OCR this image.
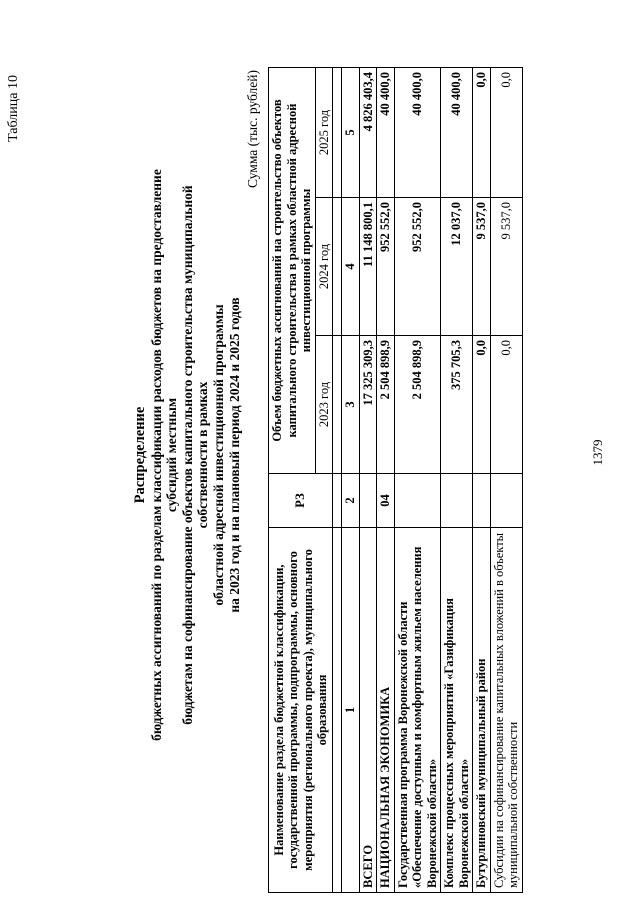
Таблица 10
Распределение бюджетных ассигнований по разделам классификации расходов бюджетов на предоставление субсидий местным бюджетам на софинансирование объектов капитального строительства муниципальной собственности в рамках областной адресной инвестиционной программы на 2023 год и на плановый период 2024 и 2025 годов
Сумма (тыс. рублей)
Наименование раздела бюджетной классификации, государственной программы, подпрограммы, основного мероприятия (регионального проекта), муниципального образования	РЗ	Объем бюджетных ассигнований на строительство объектов капитального строительства в рамках областной адресной инвестиционной программы		
		2023 год	2024 год	2025 год

1	2	3	4	5
ВСЕГО		17 325 309,3	11 148 800,1	4 826 403,4
НАЦИОНАЛЬНАЯ ЭКОНОМИКА	04	2 504 898,9	952 552,0	40 400,0
Государственная программа Воронежской области «Обеспечение доступным и комфортным жильем населения Воронежской области»		2 504 898,9	952 552,0	40 400,0
Комплекс процессных мероприятий «Газификация Воронежской области»		375 705,3	12 037,0	40 400,0
Бутурлиновский муниципальный район		0,0	9 537,0	0,0
Субсидии на софинансирование капитальных вложений в объекты муниципальной собственности		0,0	9 537,0	0,0
1379
